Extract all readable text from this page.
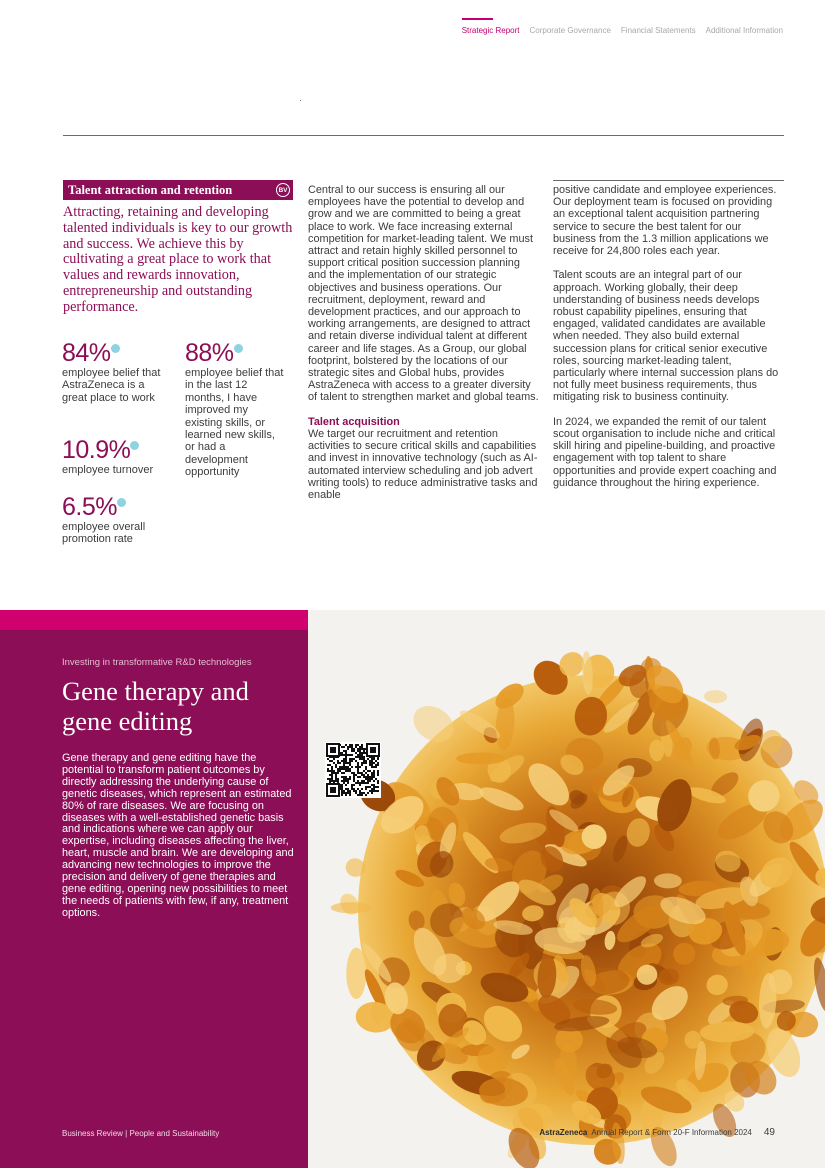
Strategic Report Corporate Governance Financial Statements Additional Information
Talent attraction and retention	BV

Attracting, retaining and developing talented individuals is key to our growth and success. We achieve this by cultivating a great place to work that values and rewards innovation, entrepreneurship and outstanding performance.

84%
employee belief that AstraZeneca is a great place to work
88%
employee belief that in the last 12 months, I have improved my existing skills, or learned new skills, or had a development opportunity
10.9%
employee turnover
6.5%
employee overall promotion rate

Central to our success is ensuring all our employees have the potential to develop and grow and we are committed to being a great place to work. We face increasing external competition for market-leading talent. We must attract and retain highly skilled personnel to support critical position succession planning and the implementation of our strategic objectives and business operations. Our recruitment, deployment, reward and development practices, and our approach to working arrangements, are designed to attract and retain diverse individual talent at different career and life stages. As a Group, our global footprint, bolstered by the locations of our strategic sites and Global hubs, provides AstraZeneca with access to a greater diversity of talent to strengthen market and global teams.

Talent acquisition

We target our recruitment and retention activities to secure critical skills and capabilities and invest in innovative technology (such as AI-automated interview scheduling and job advert writing tools) to reduce administrative tasks and enable

positive candidate and employee experiences. Our deployment team is focused on providing an exceptional talent acquisition partnering service to secure the best talent for our business from the 1.3 million applications we receive for 24,800 roles each year.

Talent scouts are an integral part of our approach. Working globally, their deep understanding of business needs develops robust capability pipelines, ensuring that engaged, validated candidates are available when needed. They also build external succession plans for critical senior executive roles, sourcing market-leading talent, particularly where internal succession plans do not fully meet business requirements, thus mitigating risk to business continuity.

In 2024, we expanded the remit of our talent scout organisation to include niche and critical skill hiring and pipeline-building, and proactive engagement with top talent to share opportunities and provide expert coaching and guidance throughout the hiring experience.

Investing in transformative R&D technologies
Gene therapy and gene editing

Gene therapy and gene editing have the potential to transform patient outcomes by directly addressing the underlying cause of genetic diseases, which represent an estimated 80% of rare diseases. We are focusing on diseases with a well-established genetic basis and indications where we can apply our expertise, including diseases affecting the liver, heart, muscle and brain. We are developing and advancing new technologies to improve the precision and delivery of gene therapies and gene editing, opening new possibilities to meet the needs of patients with few, if any, treatment options.

Business Review | People and Sustainability	AstraZeneca Annual Report & Form 20-F Information 2024 49
